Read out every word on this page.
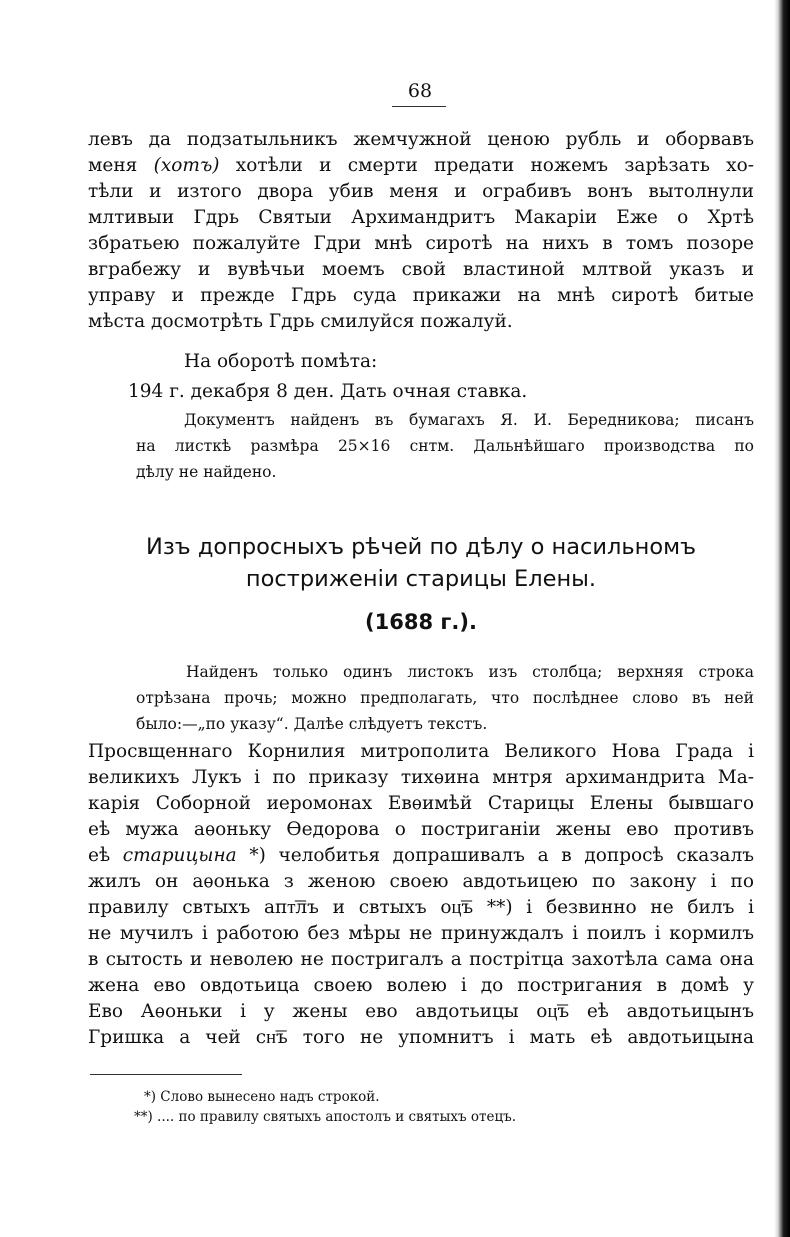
68
левъ да подзатыльникъ жемчужной ценою рубль и оборвавъ
меня (хотъ) хотѣли и смерти предати ножемъ зарѣзать хо-
тѣли и изтого двора убив меня и ограбивъ вонъ вытолнули
млтивыи Гдрь Святыи Архимандритъ Макаріи Еже о Хртѣ
збратьею пожалуйте Гдри мнѣ сиротѣ на нихъ в томъ позоре
вграбежу и вувѣчьи моемъ свой властиной млтвой указъ и
управу и прежде Гдрь суда прикажи на мнѣ сиротѣ битые
мѣста досмотрѣть Гдрь смилуйся пожалуй.
На оборотѣ помѣта:
194 г. декабря 8 ден. Дать очная ставка.
Документъ найденъ въ бумагахъ Я. И. Бередникова; писанъ
на листкѣ размѣра 25×16 снтм. Дальнѣйшаго производства по
дѣлу не найдено.
Изъ допросныхъ рѣчей по дѣлу о насильномъ
постриженіи старицы Елены.
(1688 г.).
Найденъ только одинъ листокъ изъ столбца; верхняя строка
отрѣзана прочь; можно предполагать, что послѣднее слово въ ней
было:—„по указу“. Далѣе слѣдуетъ текстъ.
Просвщеннаго Корнилия митрополита Великого Нова Града і
великихъ Лукъ і по приказу тихѳина мнтря архимандрита Ма-
карія Соборной иеромонах Евѳимѣй Старицы Елены бывшаго
еѣ мужа аѳоньку Ѳедорова о постриганіи жены ево противъ
еѣ старицына *) челобитья допрашивалъ а в допросѣ сказалъ
жилъ он аѳонька з женою своею авдотьицею по закону і по
правилу свтыхъ апт͞лъ и свтыхъ оц͞ъ **) і безвинно не билъ і
не мучилъ і работою без мѣры не принуждалъ і поилъ і кормилъ
в сытость и неволею не постригалъ а пострітца захотѣла сама она
жена ево овдотьица своею волею і до постригания в домѣ у
Ево Аѳоньки і у жены ево авдотьицы оц͞ъ еѣ авдотьицынъ
Гришка а чей сн͞ъ того не упомнитъ і мать еѣ авдотьицына
*) Слово вынесено надъ строкой.
**) .... по правилу святыхъ апостолъ и святыхъ отецъ.
